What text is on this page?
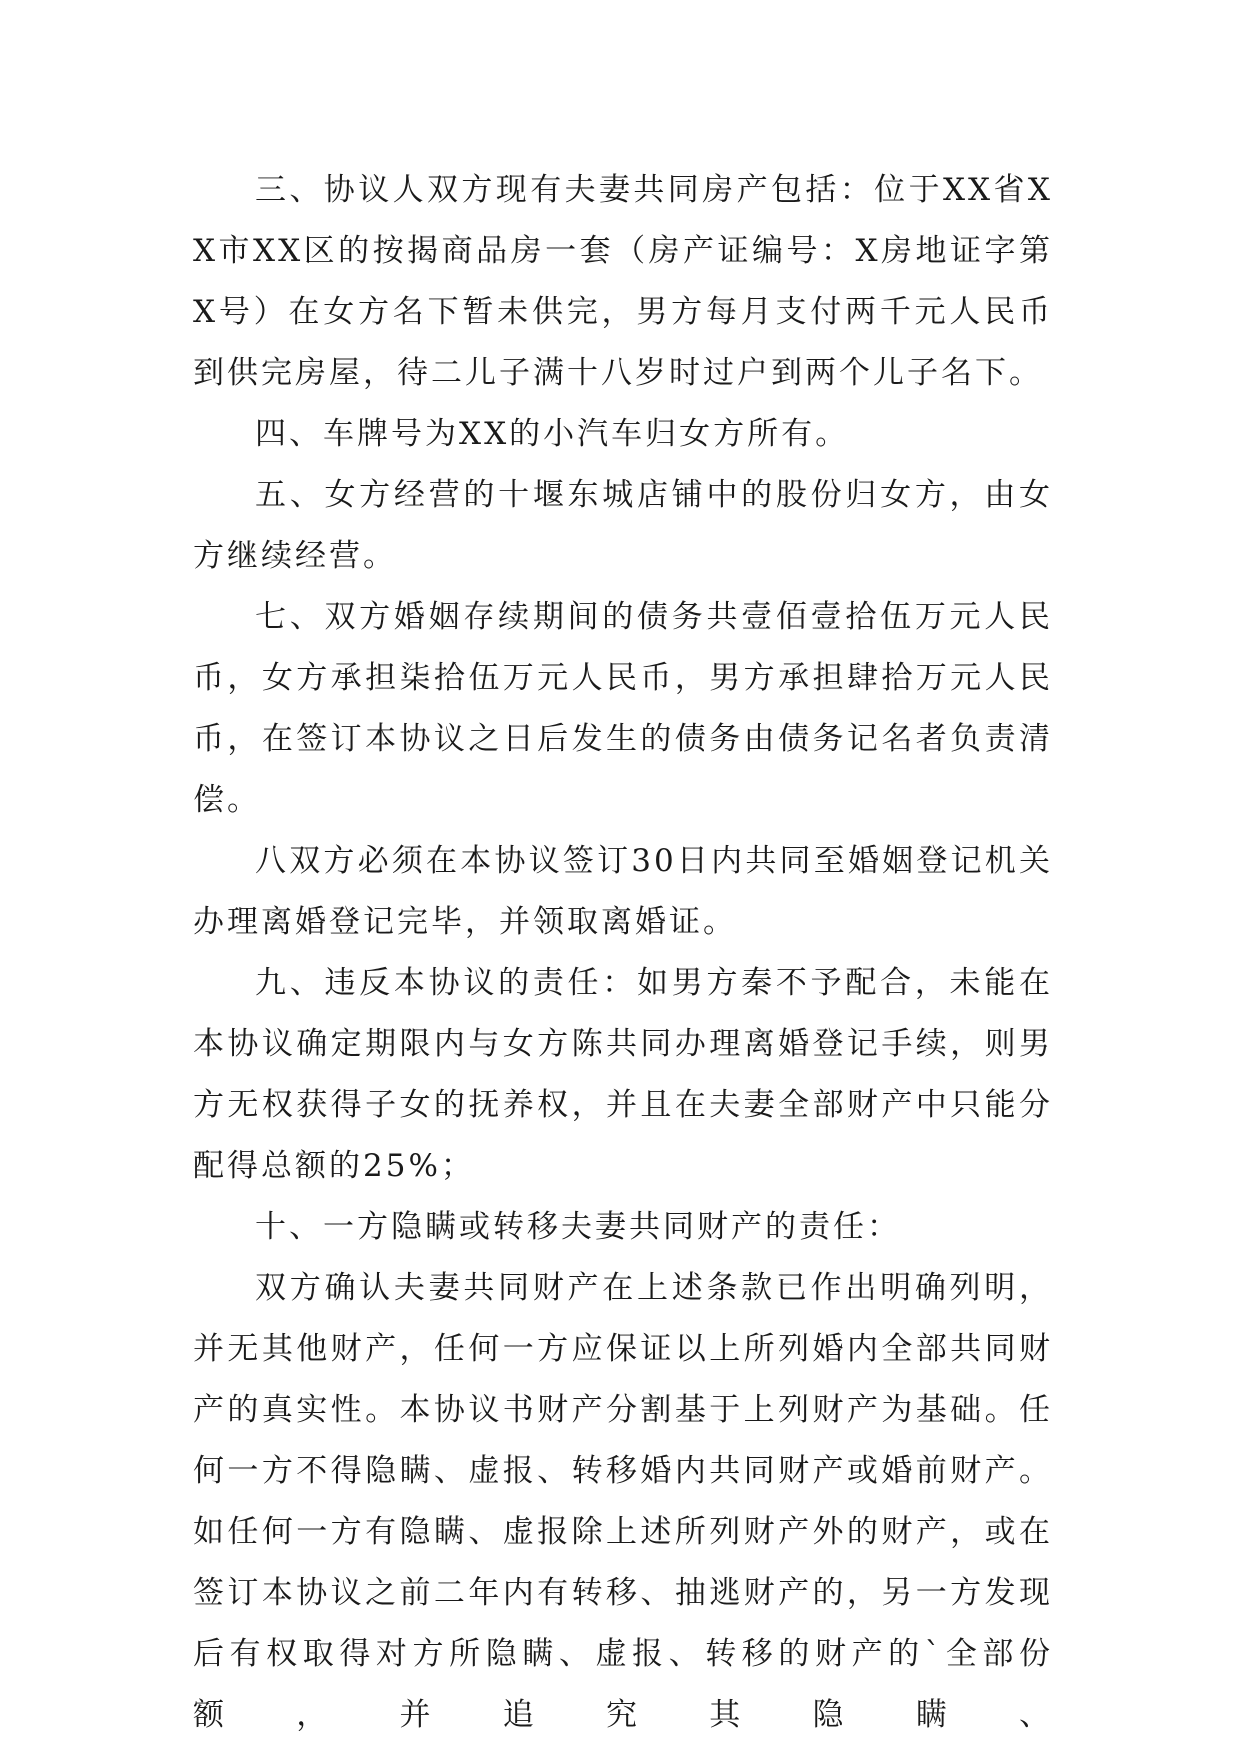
三、协议人双方现有夫妻共同房产包括：位于XX省XX市XX区的按揭商品房一套（房产证编号：X房地证字第X号）在女方名下暂未供完，男方每月支付两千元人民币到供完房屋，待二儿子满十八岁时过户到两个儿子名下。

四、车牌号为XX的小汽车归女方所有。

五、女方经营的十堰东城店铺中的股份归女方，由女方继续经营。

七、双方婚姻存续期间的债务共壹佰壹拾伍万元人民币，女方承担柒拾伍万元人民币，男方承担肆拾万元人民币，在签订本协议之日后发生的债务由债务记名者负责清偿。

八双方必须在本协议签订30日内共同至婚姻登记机关办理离婚登记完毕，并领取离婚证。

九、违反本协议的责任：如男方秦不予配合，未能在本协议确定期限内与女方陈共同办理离婚登记手续，则男方无权获得子女的抚养权，并且在夫妻全部财产中只能分配得总额的25%；

十、一方隐瞒或转移夫妻共同财产的责任：

双方确认夫妻共同财产在上述条款已作出明确列明，并无其他财产，任何一方应保证以上所列婚内全部共同财产的真实性。本协议书财产分割基于上列财产为基础。任何一方不得隐瞒、虚报、转移婚内共同财产或婚前财产。如任何一方有隐瞒、虚报除上述所列财产外的财产，或在签订本协议之前二年内有转移、抽逃财产的，另一方发现后有权取得对方所隐瞒、虚报、转移的财产的`全部份额，并追究其隐瞒、
